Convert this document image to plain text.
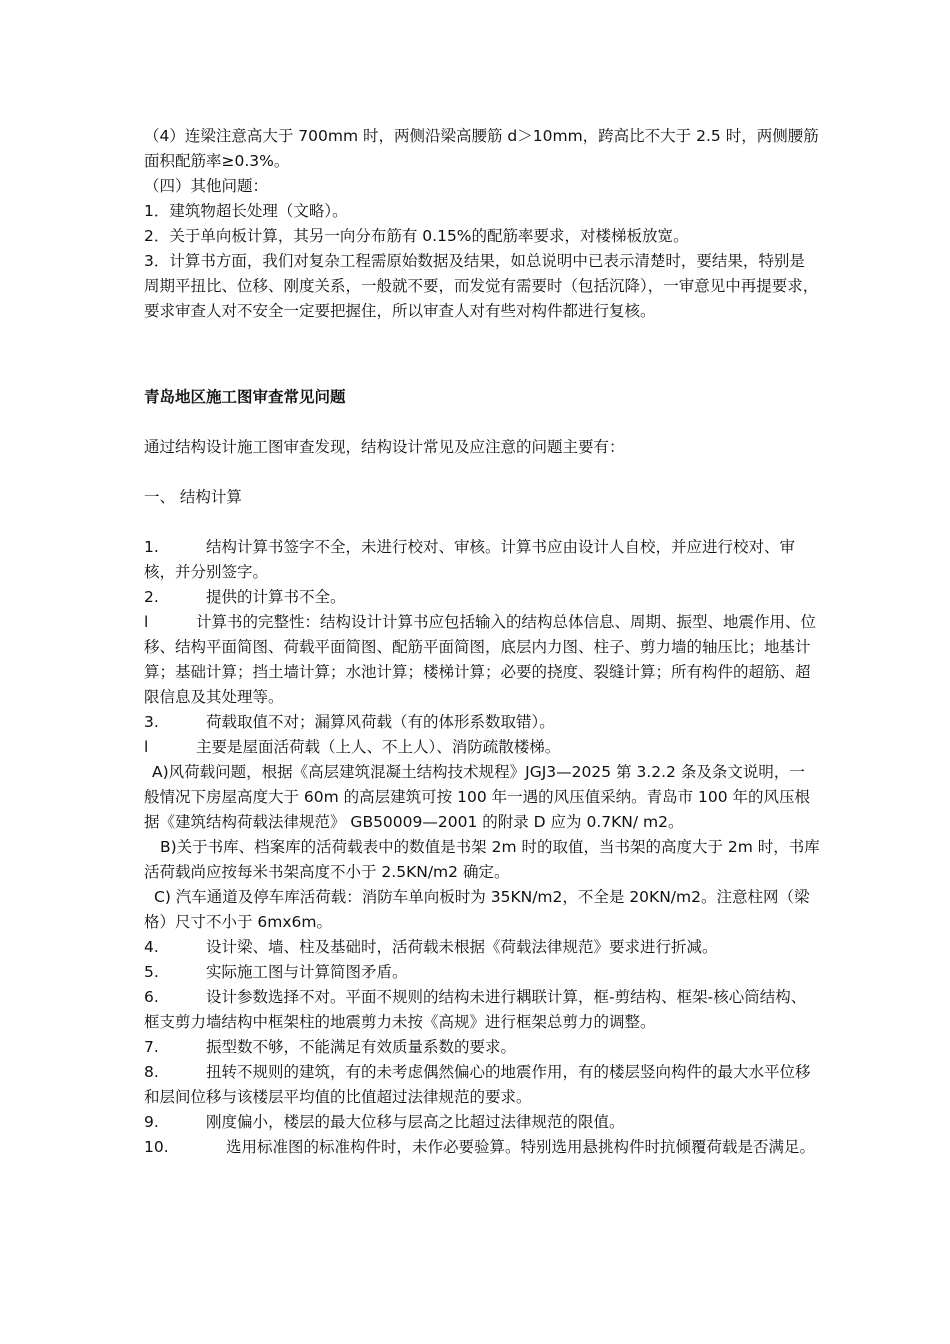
（4）连梁注意高大于 700mm 时，两侧沿梁高腰筋 d＞10mm，跨高比不大于 2.5 时，两侧腰筋面积配筋率≥0.3%。

（四）其他问题：

1．建筑物超长处理（文略）。

2．关于单向板计算，其另一向分布筋有 0.15%的配筋率要求，对楼梯板放宽。

3．计算书方面，我们对复杂工程需原始数据及结果，如总说明中已表示清楚时，要结果，特别是周期平扭比、位移、刚度关系，一般就不要，而发觉有需要时（包括沉降），一审意见中再提要求，要求审查人对不安全一定要把握住，所以审查人对有些对构件都进行复核。

青岛地区施工图审查常见问题

通过结构设计施工图审查发现，结构设计常见及应注意的问题主要有：

一、 结构计算

1.	结构计算书签字不全，未进行校对、审核。计算书应由设计人自校，并应进行校对、审核，并分别签字。

2.	提供的计算书不全。

l	计算书的完整性：结构设计计算书应包括输入的结构总体信息、周期、振型、地震作用、位移、结构平面简图、荷载平面简图、配筋平面简图，底层内力图、柱子、剪力墙的轴压比；地基计算；基础计算；挡土墙计算；水池计算；楼梯计算；必要的挠度、裂缝计算；所有构件的超筋、超限信息及其处理等。

3.	荷载取值不对；漏算风荷载（有的体形系数取错）。

l	主要是屋面活荷载（上人、不上人）、消防疏散楼梯。

A)风荷载问题，根据《高层建筑混凝土结构技术规程》JGJ3—2025 第 3.2.2 条及条文说明，一般情况下房屋高度大于 60m 的高层建筑可按 100 年一遇的风压值采纳。青岛市 100 年的风压根据《建筑结构荷载法律规范》 GB50009—2001 的附录 D 应为 0.7KN/ m2。

B)关于书库、档案库的活荷载表中的数值是书架 2m 时的取值，当书架的高度大于 2m 时，书库活荷载尚应按每米书架高度不小于 2.5KN/m2 确定。

C) 汽车通道及停车库活荷载：消防车单向板时为 35KN/m2，不全是 20KN/m2。注意柱网（梁格）尺寸不小于 6mx6m。

4.	设计梁、墙、柱及基础时，活荷载未根据《荷载法律规范》要求进行折减。

5.	实际施工图与计算简图矛盾。

6.	设计参数选择不对。平面不规则的结构未进行耦联计算，框-剪结构、框架-核心筒结构、框支剪力墙结构中框架柱的地震剪力未按《高规》进行框架总剪力的调整。

7.	振型数不够，不能满足有效质量系数的要求。

8.	扭转不规则的建筑，有的未考虑偶然偏心的地震作用，有的楼层竖向构件的最大水平位移和层间位移与该楼层平均值的比值超过法律规范的要求。

9.	刚度偏小，楼层的最大位移与层高之比超过法律规范的限值。

10.	选用标准图的标准构件时，未作必要验算。特别选用悬挑构件时抗倾覆荷载是否满足。
